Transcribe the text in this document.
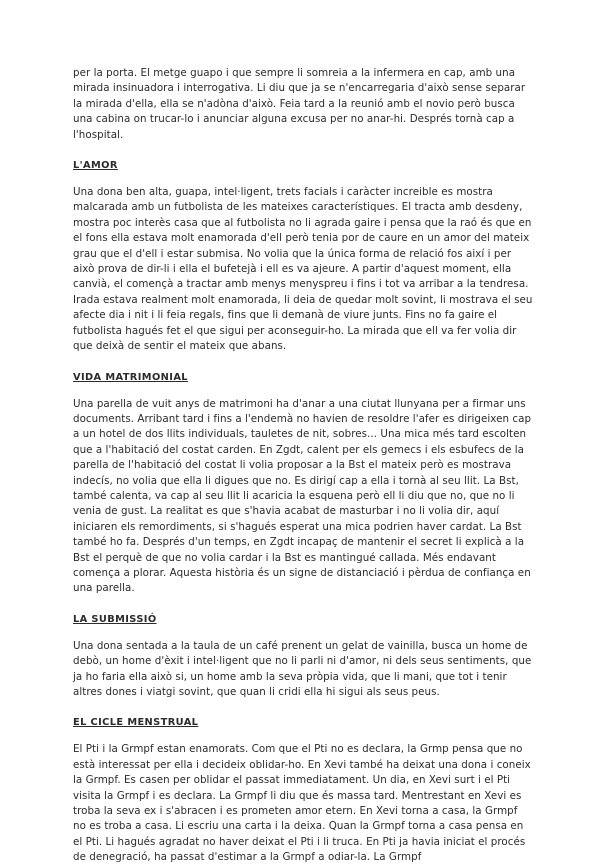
per la porta. El metge guapo i que sempre li somreia a la infermera en cap, amb una mirada insinuadora i interrogativa. Li diu que ja se n'encarregaria d'això sense separar la mirada d'ella, ella se n'adòna d'això. Feia tard a la reunió amb el novio però busca una cabina on trucar-lo i anunciar alguna excusa per no anar-hi. Després tornà cap a l'hospital.

L'AMOR

Una dona ben alta, guapa, intel·ligent, trets facials i caràcter increible es mostra malcarada amb un futbolista de les mateixes característiques. El tracta amb desdeny, mostra poc interès casa que al futbolista no li agrada gaire i pensa que la raó és que en el fons ella estava molt enamorada d'ell però tenia por de caure en un amor del mateix grau que el d'ell i estar submisa. No volia que la única forma de relació fos així i per això prova de dir-li i ella el bufetejà i ell es va ajeure. A partir d'aquest moment, ella canvià, el començà a tractar amb menys menyspreu i fins i tot va arribar a la tendresa.

Irada estava realment molt enamorada, li deia de quedar molt sovint, li mostrava el seu afecte dia i nit i li feia regals, fins que li demanà de viure junts. Fins no fa gaire el futbolista hagués fet el que sigui per aconseguir-ho. La mirada que ell va fer volia dir que deixà de sentir el mateix que abans.

VIDA MATRIMONIAL

Una parella de vuit anys de matrimoni ha d'anar a una ciutat llunyana per a firmar uns documents. Arribant tard i fins a l'endemà no havien de resoldre l'afer es dirigeixen cap a un hotel de dos llits individuals, tauletes de nit, sobres... Una mica més tard escolten que a l'habitació del costat carden. En Zgdt, calent per els gemecs i els esbufecs de la parella de l'habitació del costat li volia proposar a la Bst el mateix però es mostrava indecís, no volia que ella li digues que no. Es dirigí cap a ella i tornà al seu llit. La Bst, també calenta, va cap al seu llit li acaricia la esquena però ell li diu que no, que no li venia de gust. La realitat es que s'havia acabat de masturbar i no li volia dir, aquí iniciaren els remordiments, si s'hagués esperat una mica podrien haver cardat. La Bst també ho fa. Després d'un temps, en Zgdt incapaç de mantenir el secret li explicà a la Bst el perquè de que no volia cardar i la Bst es mantingué callada. Més endavant comença a plorar. Aquesta història és un signe de distanciació i pèrdua de confiança en una parella.

LA SUBMISSIÓ

Una dona sentada a la taula de un café prenent un gelat de vainilla, busca un home de debò, un home d'èxit i intel·ligent que no li parli ni d'amor, ni dels seus sentiments, que ja ho faria ella això si, un home amb la seva pròpia vida, que li mani, que tot i tenir altres dones i viatgi sovint, que quan li cridi ella hi sigui als seus peus.

EL CICLE MENSTRUAL

El Pti i la Grmpf estan enamorats. Com que el Pti no es declara, la Grmp pensa que no està interessat per ella i decideix oblidar-ho. En Xevi també ha deixat una dona i coneix la Grmpf. Es casen per oblidar el passat immediatament. Un dia, en Xevi surt i el Pti visita la Grmpf i es declara. La Grmpf li diu que és massa tard. Mentrestant en Xevi es troba la seva ex i s'abracen i es prometen amor etern. En Xevi torna a casa, la Grmpf no es troba a casa. Li escriu una carta i la deixa. Quan la Grmpf torna a casa pensa en el Pti. Li hagués agradat no haver deixat el Pti i li truca. En Pti ja havia iniciat el procés de denegració, ha passat d'estimar a la Grmpf a odiar-la. La Grmpf
